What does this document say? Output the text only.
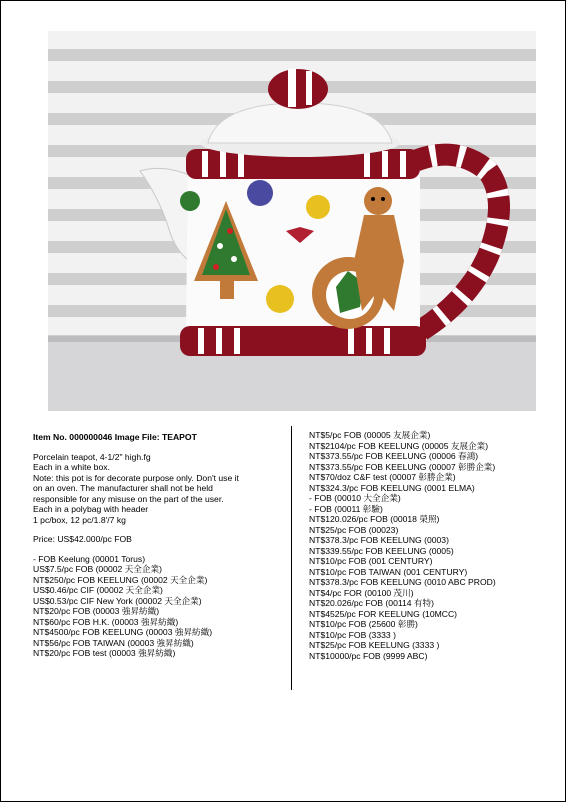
Item No. 000000046 Image File: TEAPOT
Porcelain teapot, 4-1/2" high.fg
Each in a white box.
Note: this pot is for decorate purpose only. Don't use it
on an oven. The manufacturer shall not be held
responsible for any misuse on the part of the user.
Each in a polybag with header
1 pc/box, 12 pc/1.8'/7 kg
Price: US$42.000/pc FOB
- FOB Keelung (00001 Torus)
US$7.5/pc FOB (00002 天全企業)
NT$250/pc FOB KEELUNG (00002 天全企業)
US$0.46/pc CIF (00002 天全企業)
US$0.53/pc CIF New York (00002 天全企業)
NT$20/pc FOB (00003 強昇紡織)
NT$60/pc FOB H.K. (00003 強昇紡織)
NT$4500/pc FOB KEELUNG (00003 強昇紡織)
NT$56/pc FOB TAIWAN (00003 強昇紡織)
NT$20/pc FOB test (00003 強昇紡織)
NT$5/pc FOB (00005 友展企業)
NT$2104/pc FOB KEELUNG (00005 友展企業)
NT$373.55/pc FOB KEELUNG (00006 春鴻)
NT$373.55/pc FOB KEELUNG (00007 彰勝企業)
NT$70/doz C&F test (00007 彰勝企業)
NT$324.3/pc FOB KEELUNG (0001 ELMA)
- FOB (00010 大全企業)
- FOB (00011 彰驗)
NT$120.026/pc FOB (00018 榮照)
NT$25/pc FOB (00023)
NT$378.3/pc FOB KEELUNG (0003)
NT$339.55/pc FOB KEELUNG (0005)
NT$10/pc FOB (001 CENTURY)
NT$10/pc FOB TAIWAN (001 CENTURY)
NT$378.3/pc FOB KEELUNG (0010 ABC PROD)
NT$4/pc FOR (00100 茂川)
NT$20.026/pc FOB (00114 有特)
NT$4525/pc FOR KEELUNG (10MCC)
NT$10/pc FOB (25600 彰勝)
NT$10/pc FOB (3333 )
NT$25/pc FOB KEELUNG (3333 )
NT$10000/pc FOB (9999 ABC)
